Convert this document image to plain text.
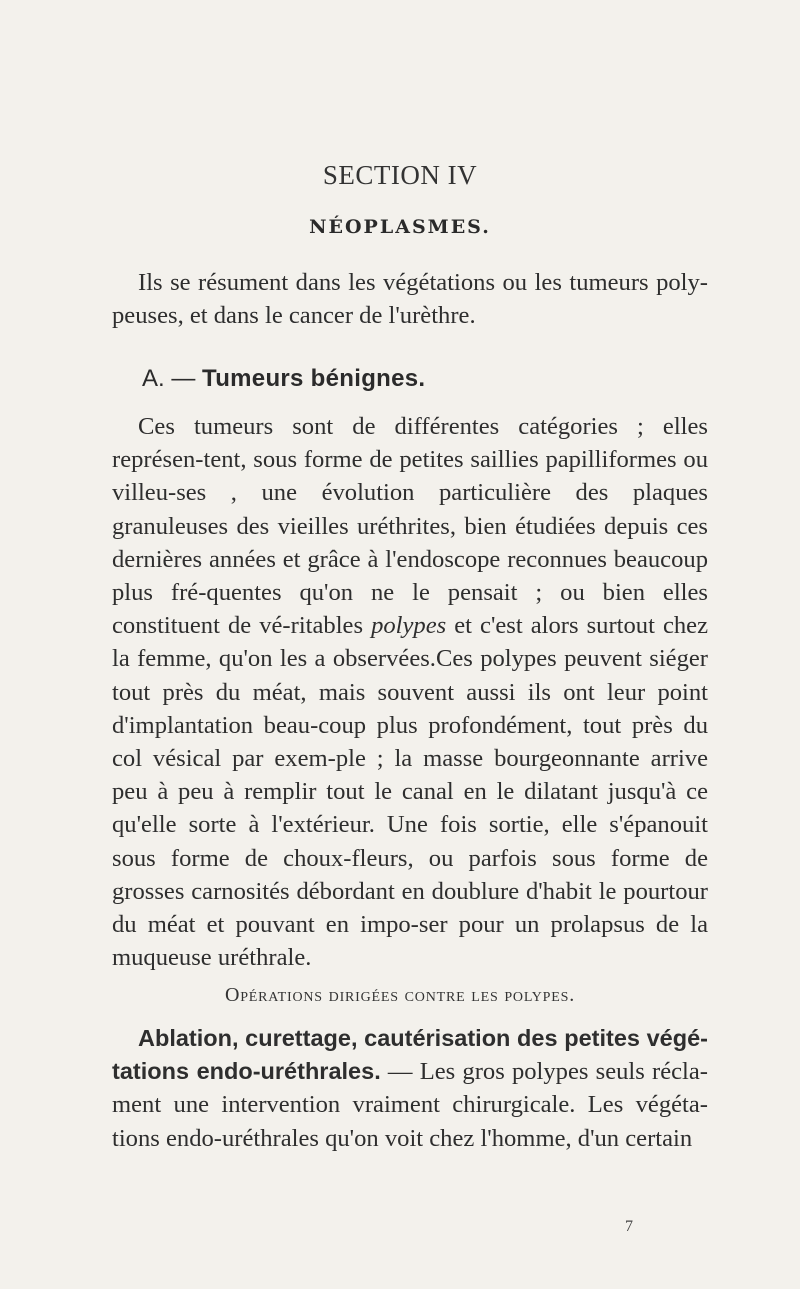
SECTION IV
NÉOPLASMES.
Ils se résument dans les végétations ou les tumeurs poly-peuses, et dans le cancer de l'urèthre.
A. — Tumeurs bénignes.
Ces tumeurs sont de différentes catégories ; elles représen-tent, sous forme de petites saillies papilliformes ou villeu-ses , une évolution particulière des plaques granuleuses des vieilles uréthrites, bien étudiées depuis ces dernières années et grâce à l'endoscope reconnues beaucoup plus fré-quentes qu'on ne le pensait ; ou bien elles constituent de vé-ritables polypes et c'est alors surtout chez la femme, qu'on les a observées.Ces polypes peuvent siéger tout près du méat, mais souvent aussi ils ont leur point d'implantation beau-coup plus profondément, tout près du col vésical par exem-ple ; la masse bourgeonnante arrive peu à peu à remplir tout le canal en le dilatant jusqu'à ce qu'elle sorte à l'extérieur. Une fois sortie, elle s'épanouit sous forme de choux-fleurs, ou parfois sous forme de grosses carnosités débordant en doublure d'habit le pourtour du méat et pouvant en impo-ser pour un prolapsus de la muqueuse uréthrale.
Opérations dirigées contre les polypes.
Ablation, curettage, cautérisation des petites végé-tations endo-uréthrales. — Les gros polypes seuls récla-ment une intervention vraiment chirurgicale. Les végéta-tions endo-uréthrales qu'on voit chez l'homme, d'un certain
7
